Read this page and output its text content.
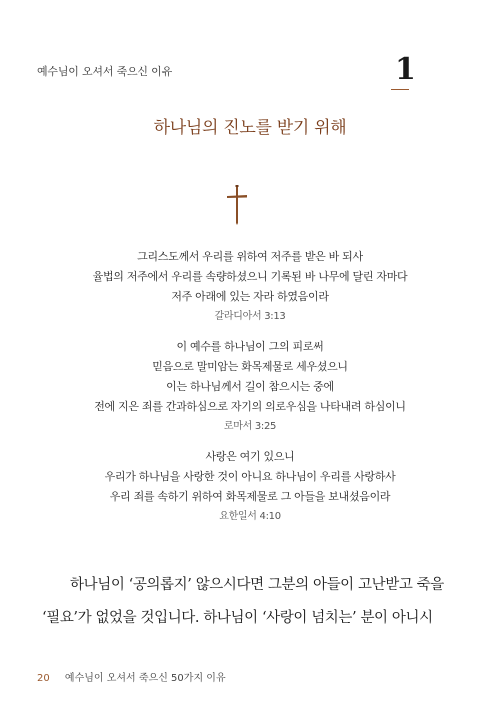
예수님이 오셔서 죽으신 이유	1
하나님의 진노를 받기 위해
그리스도께서 우리를 위하여 저주를 받은 바 되사
율법의 저주에서 우리를 속량하셨으니 기록된 바 나무에 달린 자마다
저주 아래에 있는 자라 하였음이라
갈라디아서 3:13
이 예수를 하나님이 그의 피로써
믿음으로 말미암는 화목제물로 세우셨으니
이는 하나님께서 길이 참으시는 중에
전에 지은 죄를 간과하심으로 자기의 의로우심을 나타내려 하심이니
로마서 3:25
사랑은 여기 있으니
우리가 하나님을 사랑한 것이 아니요 하나님이 우리를 사랑하사
우리 죄를 속하기 위하여 화목제물로 그 아들을 보내셨음이라
요한일서 4:10
하나님이 ‘공의롭지’ 않으시다면 그분의 아들이 고난받고 죽을
‘필요’가 없었을 것입니다. 하나님이 ‘사랑이 넘치는’ 분이 아니시
20 예수님이 오셔서 죽으신 50가지 이유
